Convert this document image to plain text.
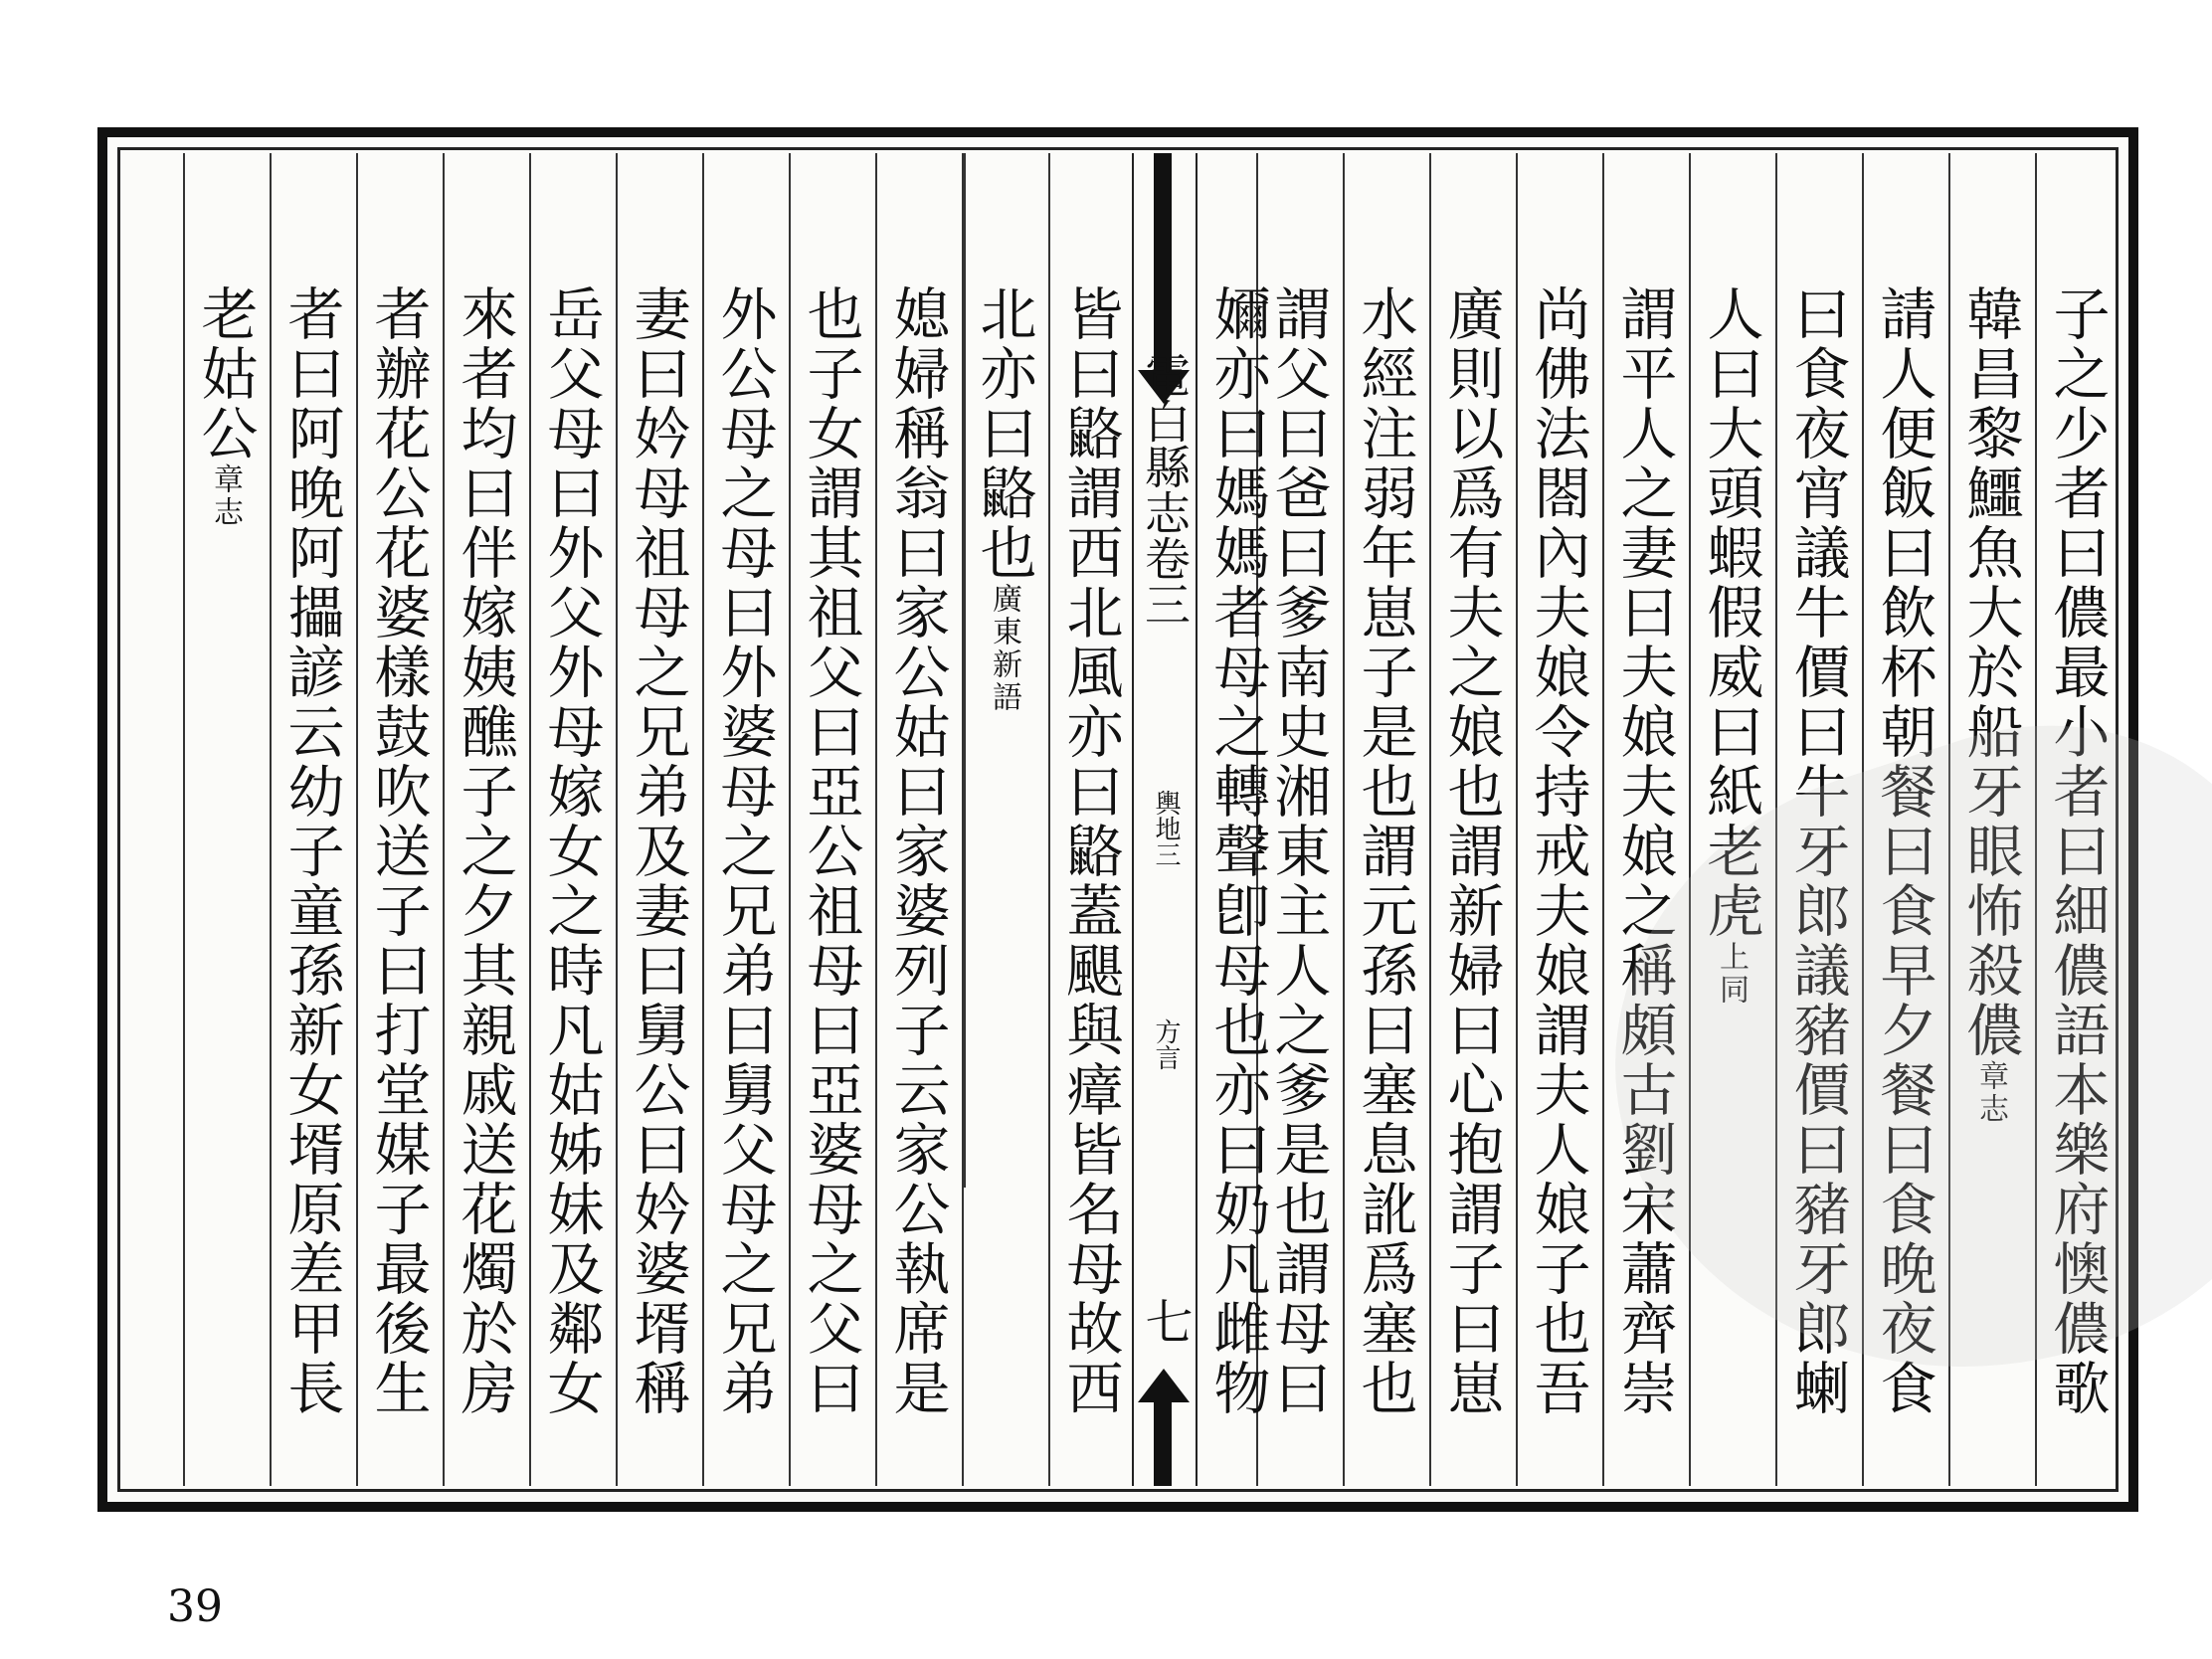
子之少者曰儂最小者曰細儂語本樂府懊儂歌
韓昌黎鱷魚大於船牙眼怖殺儂章志
請人便飯曰飲杯朝餐曰食早夕餐曰食晚夜食
曰食夜宵議牛價曰牛牙郎議豬價曰豬牙郎蝲
人曰大頭蝦假威曰紙老虎上同
謂平人之妻曰夫娘夫娘之稱頗古劉宋蕭齊崇
尚佛法閤內夫娘令持戒夫娘謂夫人娘子也吾
廣則以爲有夫之娘也謂新婦曰心抱謂子曰崽
水經注弱年崽子是也謂元孫曰塞息訛爲塞也
謂父曰爸曰爹南史湘東主人之爹是也謂母曰
嬭亦曰媽媽者母之轉聲卽母也亦曰奶凡雌物
電白縣志卷三
輿地三
方言
七
皆曰䶅謂西北風亦曰䶅蓋颶與瘴皆名母故西
北亦曰䶅也廣東新語
媳婦稱翁曰家公姑曰家婆列子云家公執席是
也子女謂其祖父曰亞公祖母曰亞婆母之父曰
外公母之母曰外婆母之兄弟曰舅父母之兄弟
妻曰妗母祖母之兄弟及妻曰舅公曰妗婆壻稱
岳父母曰外父外母嫁女之時凡姑姊妹及鄰女
來者均曰伴嫁姨醮子之夕其親戚送花燭於房
者辦花公花婆樣鼓吹送子曰打堂媒子最後生
者曰阿晚阿攂諺云幼子童孫新女壻原差甲長
老姑公章志
39
